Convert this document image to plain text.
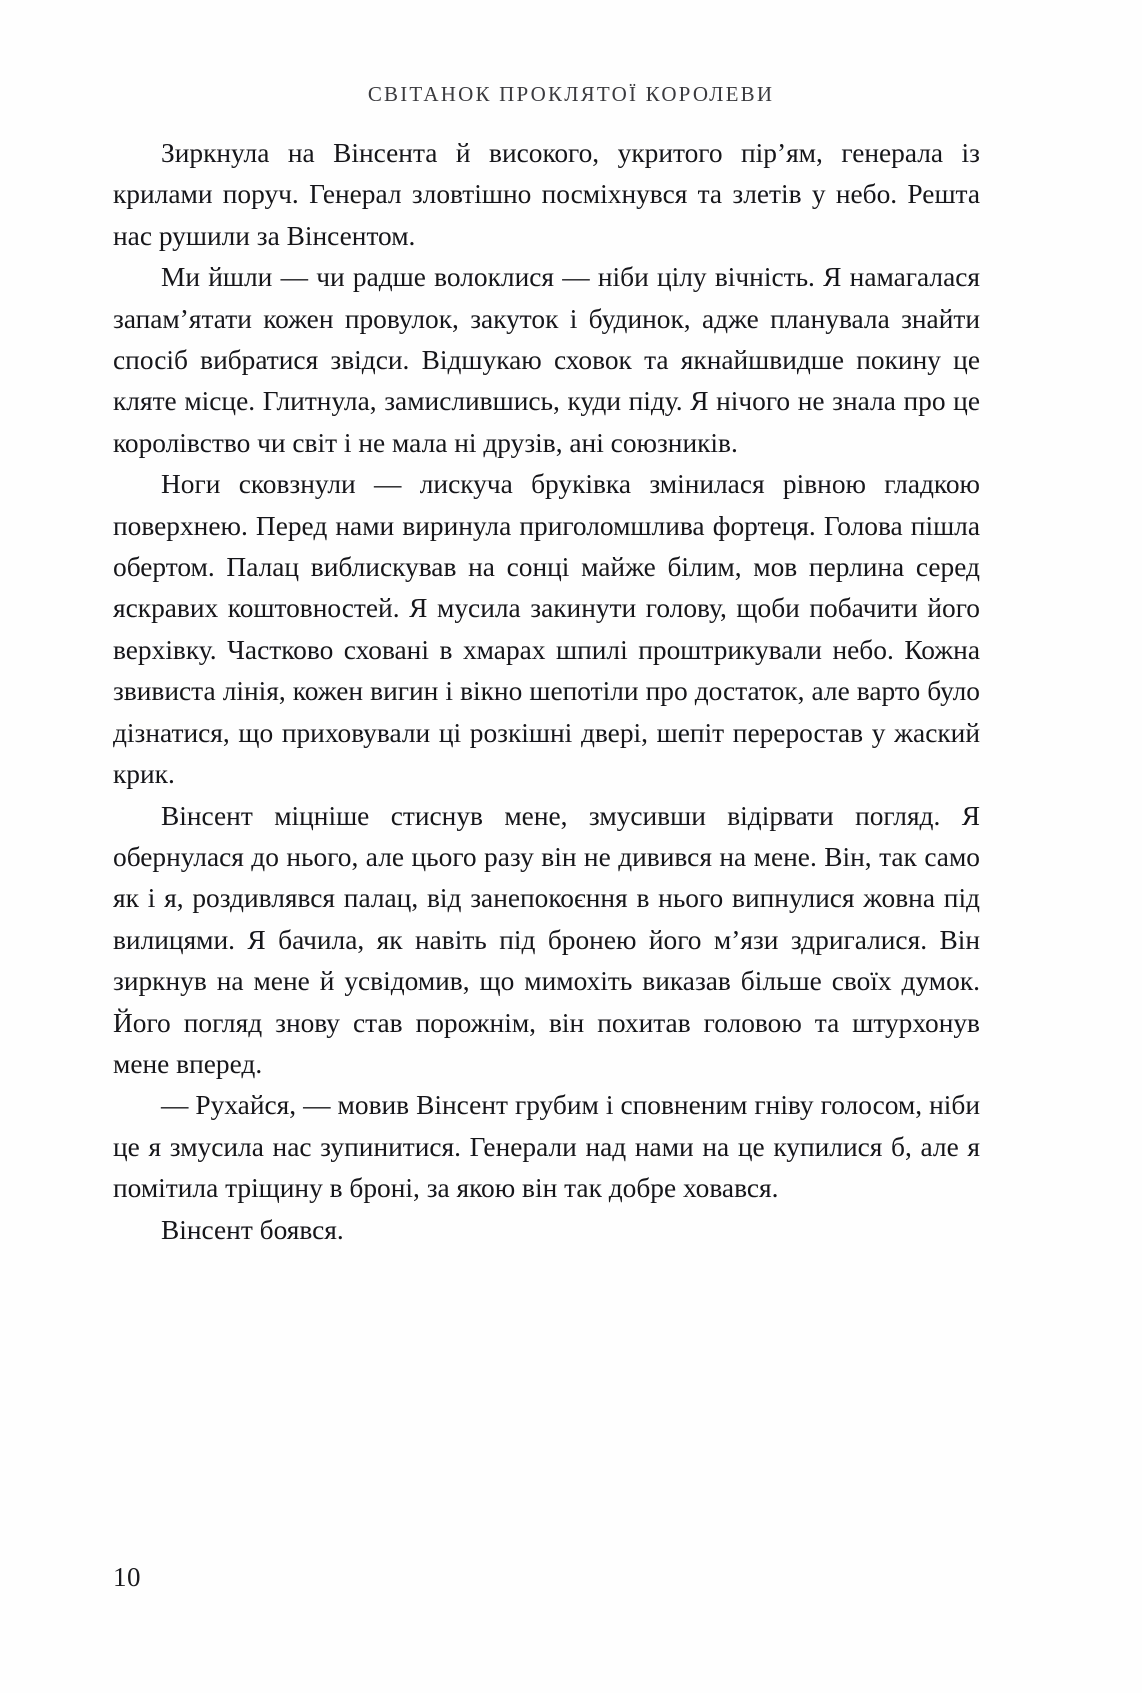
СВІТАНОК ПРОКЛЯТОЇ КОРОЛЕВИ

Зиркнула на Вінсента й високого, укритого пір’ям, генерала із крилами поруч. Генерал зловтішно посміхнувся та злетів у небо. Решта нас рушили за Вінсентом.

Ми йшли — чи радше волоклися — ніби цілу вічність. Я намагалася запам’ятати кожен провулок, закуток і будинок, адже планувала знайти спосіб вибратися звідси. Відшукаю сховок та якнайшвидше покину це кляте місце. Глитнула, замислившись, куди піду. Я нічого не знала про це королівство чи світ і не мала ні друзів, ані союзників.

Ноги сковзнули — лискуча бруківка змінилася рівною гладкою поверхнею. Перед нами виринула приголомшлива фортеця. Голова пішла обертом. Палац виблискував на сонці майже білим, мов перлина серед яскравих коштовностей. Я мусила закинути голову, щоби побачити його верхівку. Частково сховані в хмарах шпилі проштрикували небо. Кожна звивиста лінія, кожен вигин і вікно шепотіли про достаток, але варто було дізнатися, що приховували ці розкішні двері, шепіт переростав у жаский крик.

Вінсент міцніше стиснув мене, змусивши відірвати погляд. Я обернулася до нього, але цього разу він не дивився на мене. Він, так само як і я, роздивлявся палац, від занепокоєння в нього випнулися жовна під вилицями. Я бачила, як навіть під бронею його м’язи здригалися. Він зиркнув на мене й усвідомив, що мимохіть виказав більше своїх думок. Його погляд знову став порожнім, він похитав головою та штурхонув мене вперед.

— Рухайся, — мовив Вінсент грубим і сповненим гніву голосом, ніби це я змусила нас зупинитися. Генерали над нами на це купилися б, але я помітила тріщину в броні, за якою він так добре ховався.

Вінсент боявся.

10
